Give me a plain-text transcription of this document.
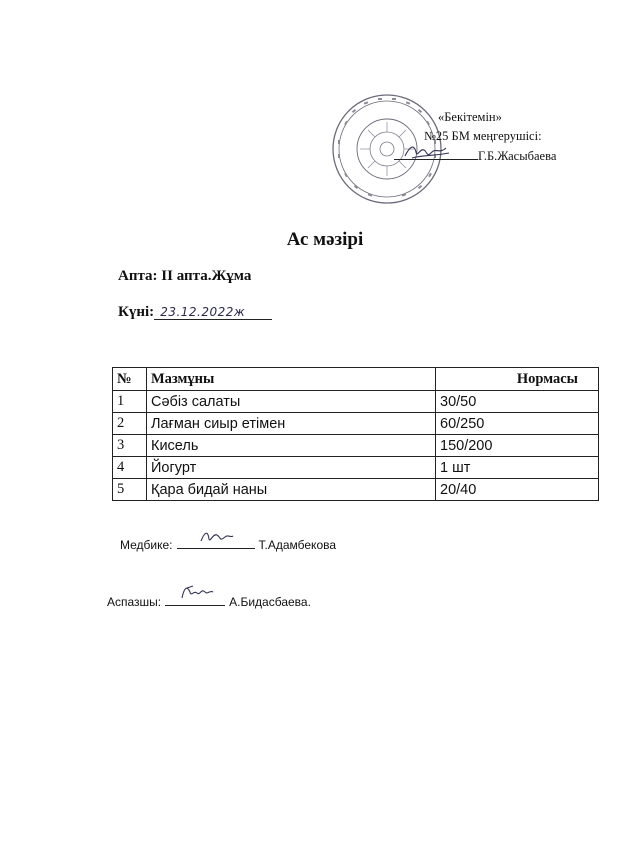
«Бекітемін»
№25 БМ меңгерушісі:
Г.Б.Жасыбаева
Ас мәзірі
Апта: II апта.Жұма
Күні: 23.12.2022ж
№	Мазмұны	Нормасы
1	Сәбіз салаты	30/50
2	Лағман сиыр етімен	60/250
3	Кисель	150/200
4	Йогурт	1 шт
5	Қара бидай наны	20/40
Медбике:	Т.Адамбекова
Аспазшы:	А.Бидасбаева.
